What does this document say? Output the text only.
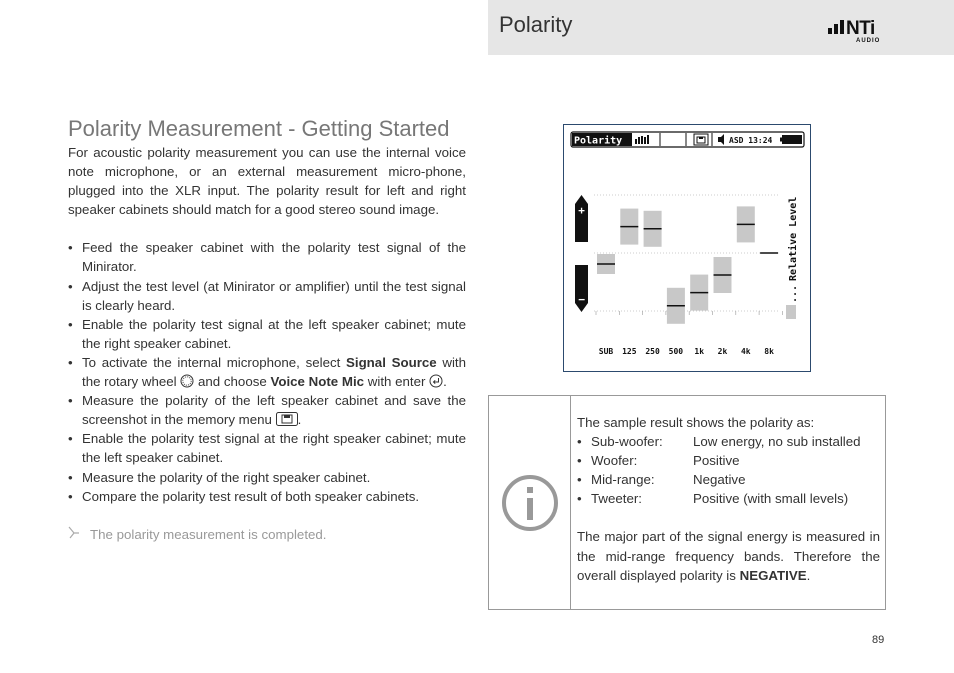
Polarity	NTi
AUDIO
Polarity Measurement - Getting Started

For acoustic polarity measurement you can use the internal voice note microphone, or an external measurement micro-phone, plugged into the XLR input. The polarity result for left and right speaker cabinets should match for a good stereo sound image.

• Feed the speaker cabinet with the polarity test signal of the Minirator.
• Adjust the test level (at Minirator or amplifier) until the test signal is clearly heard.
• Enable the polarity test signal at the left speaker cabinet; mute the right speaker cabinet.
• To activate the internal microphone, select Signal Source with the rotary wheel  and choose Voice Note Mic with enter .
• Measure the polarity of the left speaker cabinet and save the screenshot in the memory menu .
• Enable the polarity test signal at the right speaker cabinet; mute the left speaker cabinet.
• Measure the polarity of the right speaker cabinet.
• Compare the polarity test result of both speaker cabinets.
The polarity measurement is completed.
Polarity	ASD 13:24
+
−
Relative Level
...
SUB 125 250 500 1k 2k 4k 8k

The sample result shows the polarity as:

• Sub-woofer: Low energy, no sub installed
• Woofer:	Positive
• Mid-range:	Negative
• Tweeter:	Positive (with small levels)

The major part of the signal energy is measured in the mid-range frequency bands. Therefore the overall displayed polarity is NEGATIVE.

89
